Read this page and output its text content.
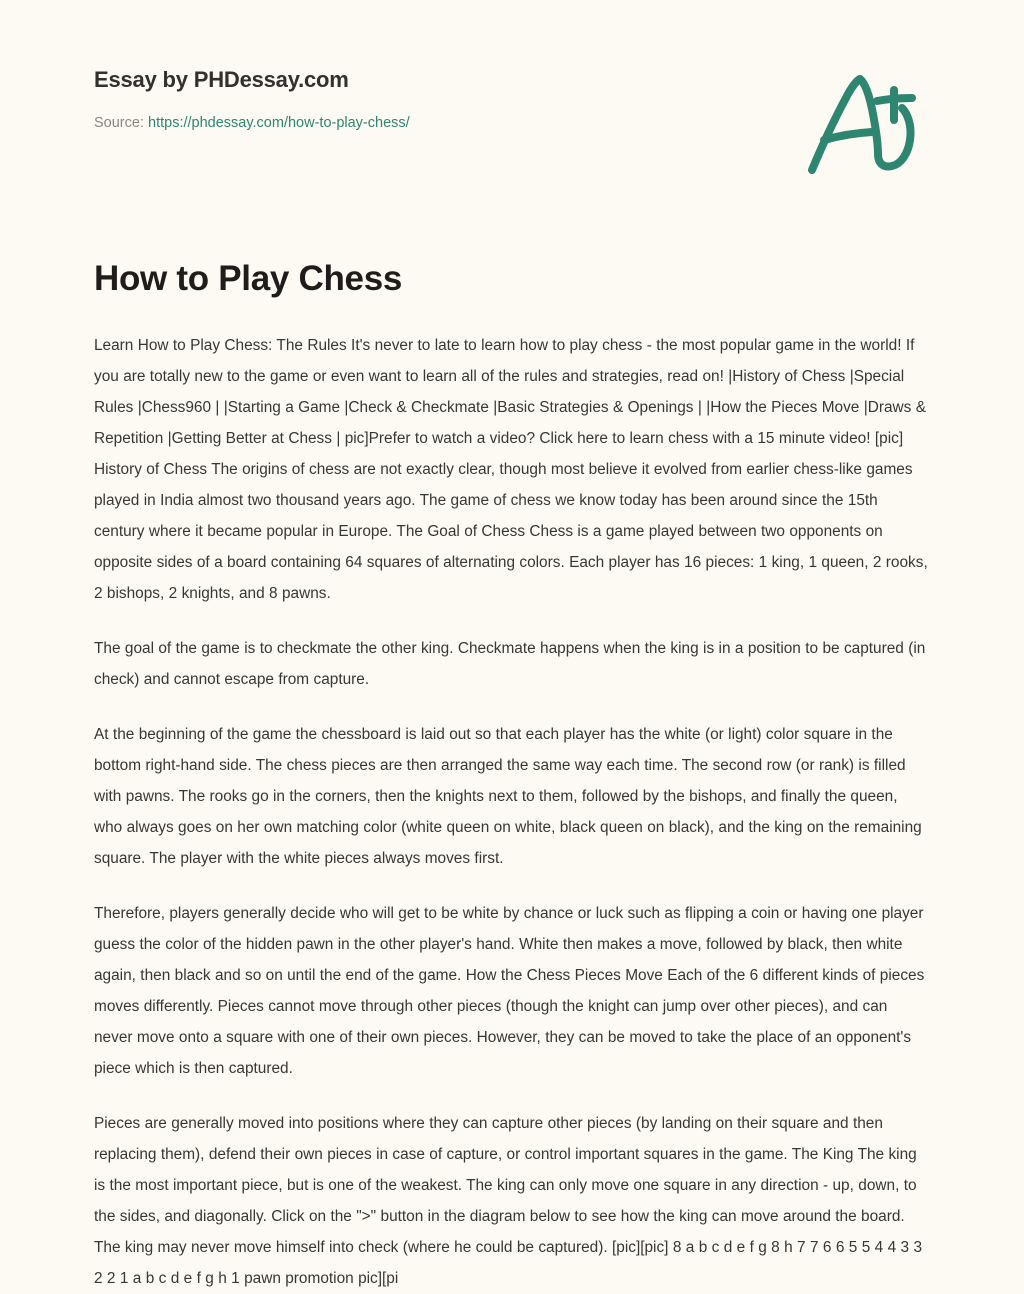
Essay by PHDessay.com
Source: https://phdessay.com/how-to-play-chess/
How to Play Chess

Learn How to Play Chess: The Rules It's never to late to learn how to play chess - the most popular game in the world! If you are totally new to the game or even want to learn all of the rules and strategies, read on! |History of Chess |Special Rules |Chess960 | |Starting a Game |Check & Checkmate |Basic Strategies & Openings | |How the Pieces Move |Draws & Repetition |Getting Better at Chess | pic]Prefer to watch a video? Click here to learn chess with a 15 minute video! [pic] History of Chess The origins of chess are not exactly clear, though most believe it evolved from earlier chess-like games played in India almost two thousand years ago. The game of chess we know today has been around since the 15th century where it became popular in Europe. The Goal of Chess Chess is a game played between two opponents on opposite sides of a board containing 64 squares of alternating colors. Each player has 16 pieces: 1 king, 1 queen, 2 rooks, 2 bishops, 2 knights, and 8 pawns.

The goal of the game is to checkmate the other king. Checkmate happens when the king is in a position to be captured (in check) and cannot escape from capture.

At the beginning of the game the chessboard is laid out so that each player has the white (or light) color square in the bottom right-hand side. The chess pieces are then arranged the same way each time. The second row (or rank) is filled with pawns. The rooks go in the corners, then the knights next to them, followed by the bishops, and finally the queen, who always goes on her own matching color (white queen on white, black queen on black), and the king on the remaining square. The player with the white pieces always moves first.

Therefore, players generally decide who will get to be white by chance or luck such as flipping a coin or having one player guess the color of the hidden pawn in the other player's hand. White then makes a move, followed by black, then white again, then black and so on until the end of the game. How the Chess Pieces Move Each of the 6 different kinds of pieces moves differently. Pieces cannot move through other pieces (though the knight can jump over other pieces), and can never move onto a square with one of their own pieces. However, they can be moved to take the place of an opponent's piece which is then captured.

Pieces are generally moved into positions where they can capture other pieces (by landing on their square and then replacing them), defend their own pieces in case of capture, or control important squares in the game. The King The king is the most important piece, but is one of the weakest. The king can only move one square in any direction - up, down, to the sides, and diagonally. Click on the ">" button in the diagram below to see how the king can move around the board. The king may never move himself into check (where he could be captured). [pic][pic] 8 a b c d e f g 8 h 7 7 6 6 5 5 4 4 3 3 2 2 1 a b c d e f g h 1 pawn promotion pic][pi
